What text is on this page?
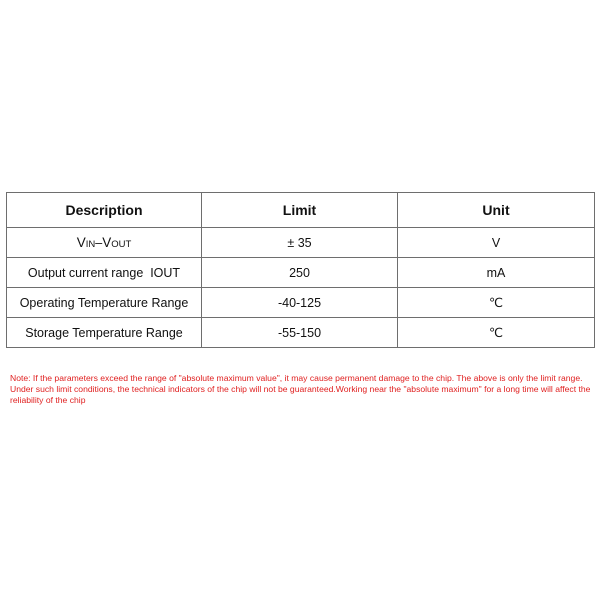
Description	Limit	Unit
VIN–VOUT	± 35	V
Output current range  IOUT	250	mA
Operating Temperature Range	-40-125	℃
Storage Temperature Range	-55-150	℃

Note: If the parameters exceed the range of "absolute maximum value", it may cause permanent damage to the chip. The above is only the limit range. Under such limit conditions, the technical indicators of the chip will not be guaranteed.Working near the "absolute maximum" for a long time will affect the reliability of the chip
